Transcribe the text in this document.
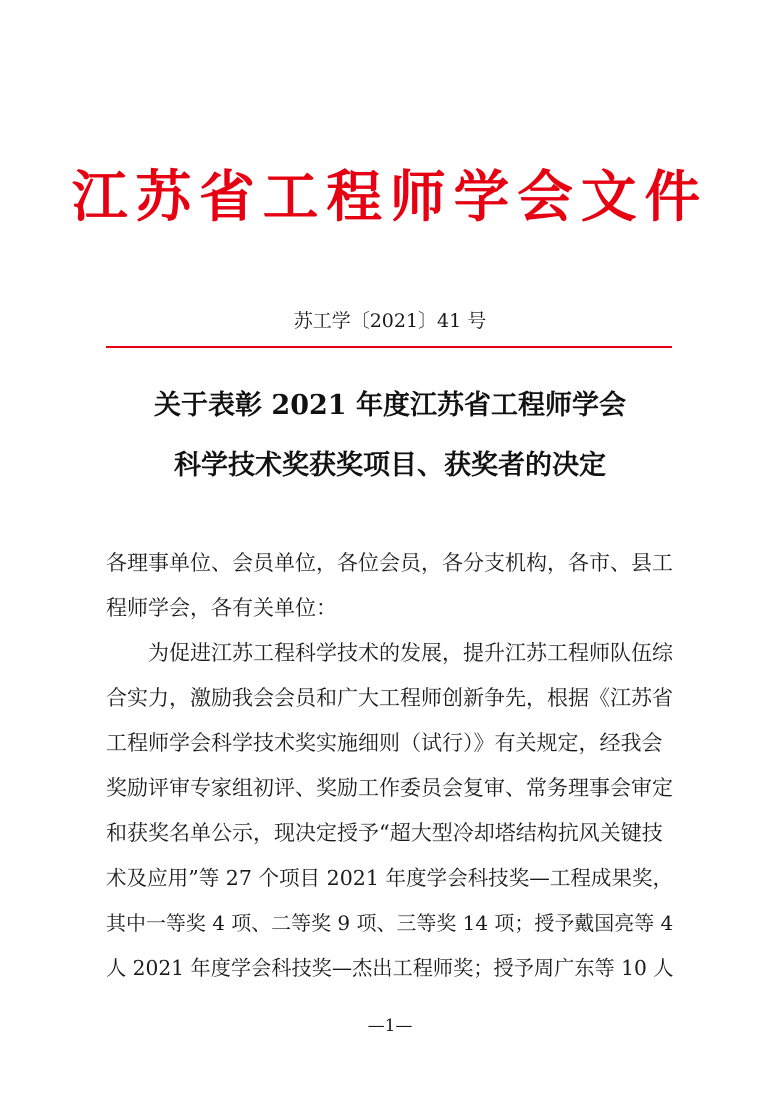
江苏省工程师学会文件
苏工学〔2021〕41 号
关于表彰 2021 年度江苏省工程师学会
科学技术奖获奖项目、获奖者的决定
各理事单位、会员单位，各位会员，各分支机构，各市、县工
程师学会，各有关单位：
为促进江苏工程科学技术的发展，提升江苏工程师队伍综
合实力，激励我会会员和广大工程师创新争先，根据《江苏省
工程师学会科学技术奖实施细则（试行）》有关规定，经我会
奖励评审专家组初评、奖励工作委员会复审、常务理事会审定
和获奖名单公示，现决定授予“超大型冷却塔结构抗风关键技
术及应用”等 27 个项目 2021 年度学会科技奖—工程成果奖，
其中一等奖 4 项、二等奖 9 项、三等奖 14 项；授予戴国亮等 4
人 2021 年度学会科技奖—杰出工程师奖；授予周广东等 10 人
—1—
